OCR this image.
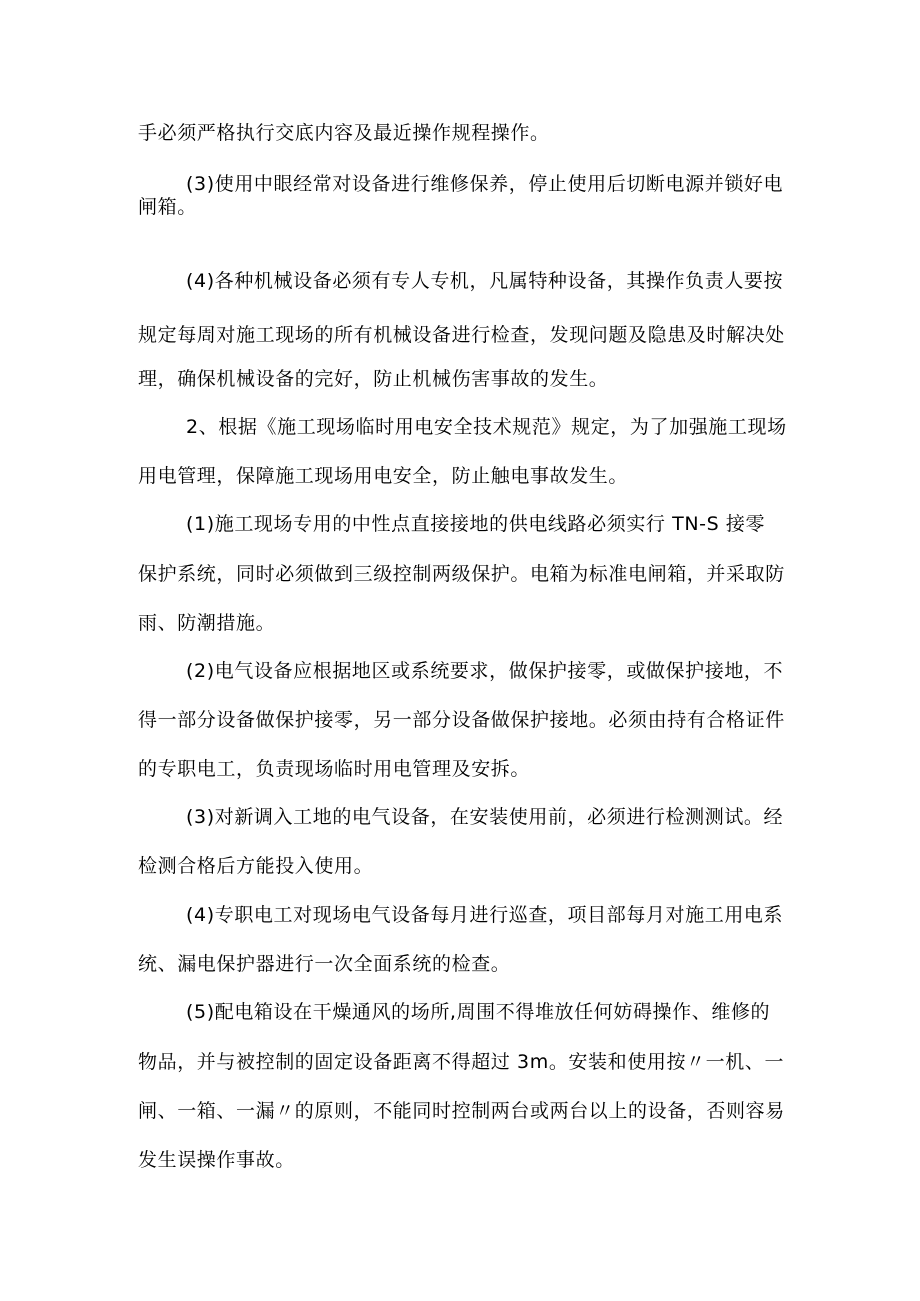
手必须严格执行交底内容及最近操作规程操作。
(3)使用中眼经常对设备进行维修保养，停止使用后切断电源并锁好电
闸箱。
(4)各种机械设备必须有专人专机，凡属特种设备，其操作负责人要按
规定每周对施工现场的所有机械设备进行检查，发现问题及隐患及时解决处
理，确保机械设备的完好，防止机械伤害事故的发生。
2、根据《施工现场临时用电安全技术规范》规定，为了加强施工现场
用电管理，保障施工现场用电安全，防止触电事故发生。
(1)施工现场专用的中性点直接接地的供电线路必须实行 TN-S 接零
保护系统，同时必须做到三级控制两级保护。电箱为标准电闸箱，并采取防
雨、防潮措施。
(2)电气设备应根据地区或系统要求，做保护接零，或做保护接地，不
得一部分设备做保护接零，另一部分设备做保护接地。必须由持有合格证件
的专职电工，负责现场临时用电管理及安拆。
(3)对新调入工地的电气设备，在安装使用前，必须进行检测测试。经
检测合格后方能投入使用。
(4)专职电工对现场电气设备每月进行巡查，项目部每月对施工用电系
统、漏电保护器进行一次全面系统的检查。
(5)配电箱设在干燥通风的场所,周围不得堆放任何妨碍操作、维修的
物品，并与被控制的固定设备距离不得超过 3m。安装和使用按〃一机、一
闸、一箱、一漏〃的原则，不能同时控制两台或两台以上的设备，否则容易
发生误操作事故。
